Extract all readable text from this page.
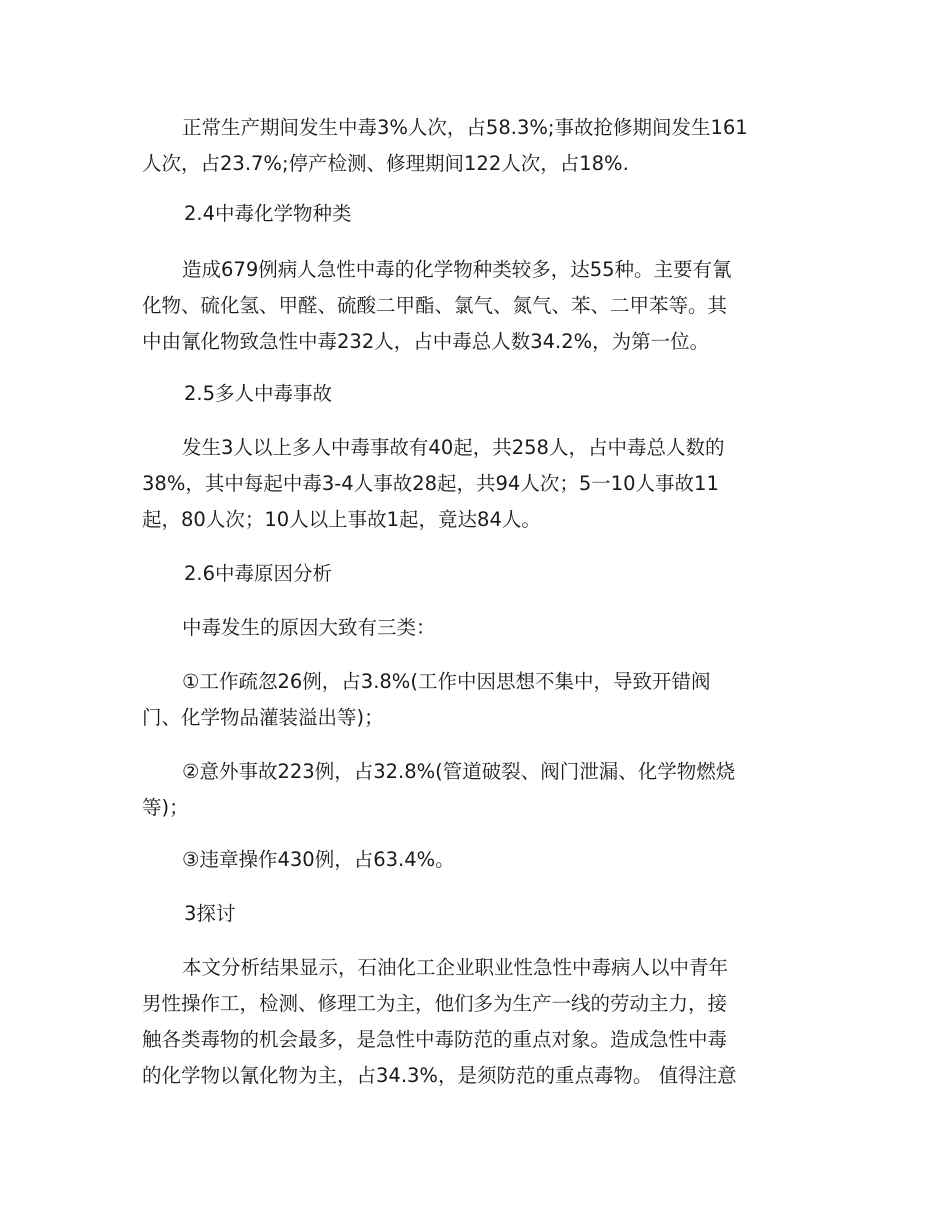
正常生产期间发生中毒3%人次，占58.3%;事故抢修期间发生161
人次，占23.7%;停产检测、修理期间122人次，占18%.
2.4中毒化学物种类
造成679例病人急性中毒的化学物种类较多，达55种。主要有氰
化物、硫化氢、甲醛、硫酸二甲酯、氯气、氮气、苯、二甲苯等。其
中由氰化物致急性中毒232人，占中毒总人数34.2%，为第一位。
2.5多人中毒事故
发生3人以上多人中毒事故有40起，共258人，占中毒总人数的
38%，其中每起中毒3-4人事故28起，共94人次；5一10人事故11
起，80人次；10人以上事故1起，竟达84人。
2.6中毒原因分析
中毒发生的原因大致有三类：
①工作疏忽26例，占3.8%(工作中因思想不集中，导致开错阀
门、化学物品灌装溢出等)；
②意外事故223例，占32.8%(管道破裂、阀门泄漏、化学物燃烧
等)；
③违章操作430例，占63.4%。
3探讨
本文分析结果显示，石油化工企业职业性急性中毒病人以中青年
男性操作工，检测、修理工为主，他们多为生产一线的劳动主力，接
触各类毒物的机会最多，是急性中毒防范的重点对象。造成急性中毒
的化学物以氰化物为主，占34.3%，是须防范的重点毒物。 值得注意
